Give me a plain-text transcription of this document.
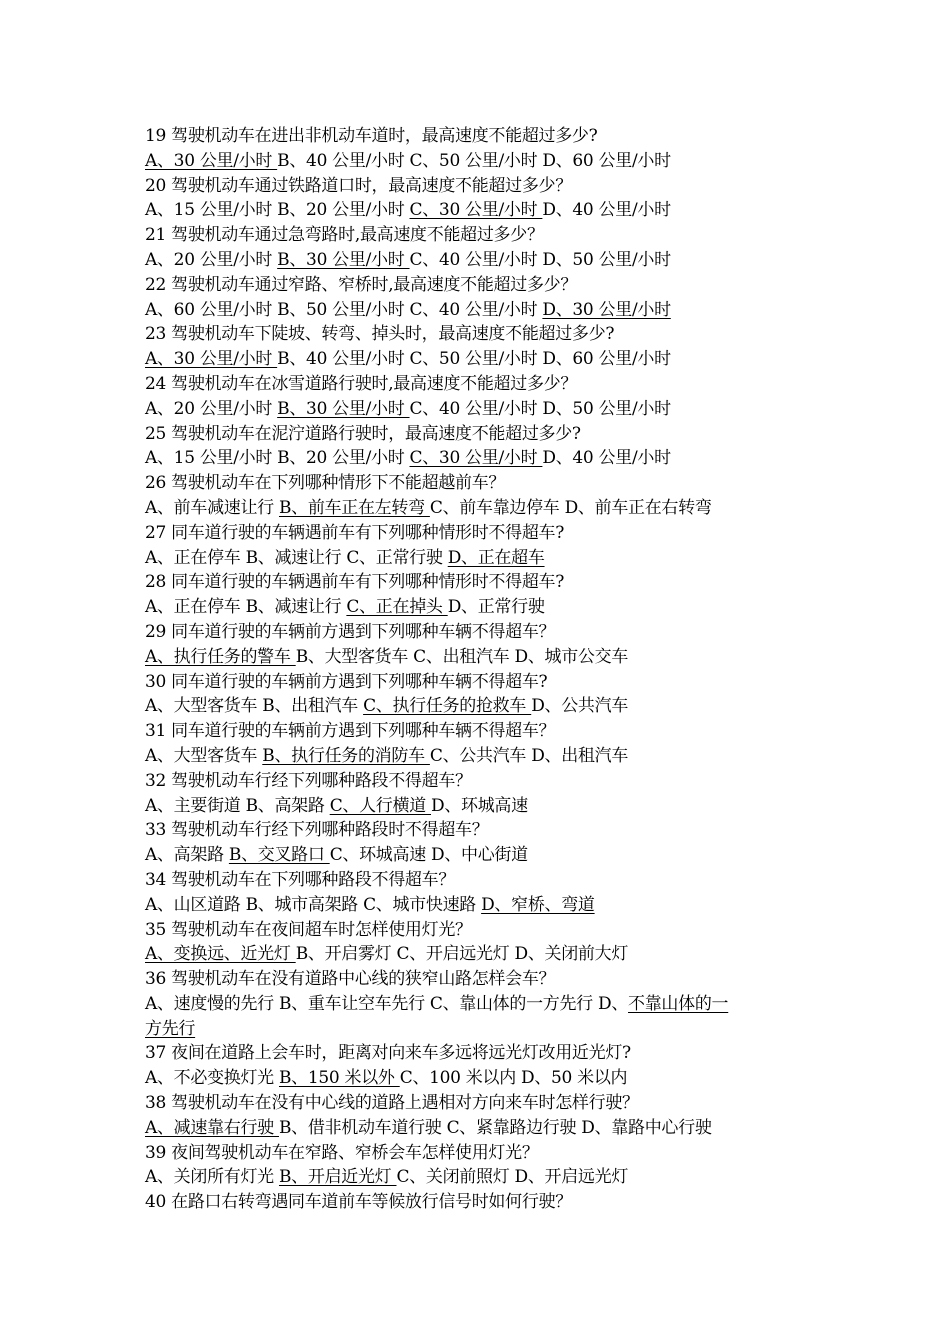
19 驾驶机动车在进出非机动车道时，最高速度不能超过多少?
A、30 公里/小时 B、40 公里/小时 C、50 公里/小时 D、60 公里/小时
20 驾驶机动车通过铁路道口时，最高速度不能超过多少？
A、15 公里/小时 B、20 公里/小时 C、30 公里/小时 D、40 公里/小时
21 驾驶机动车通过急弯路时,最高速度不能超过多少？
A、20 公里/小时 B、30 公里/小时 C、40 公里/小时 D、50 公里/小时
22 驾驶机动车通过窄路、窄桥时,最高速度不能超过多少？
A、60 公里/小时 B、50 公里/小时 C、40 公里/小时 D、30 公里/小时
23 驾驶机动车下陡坡、转弯、掉头时，最高速度不能超过多少?
A、30 公里/小时 B、40 公里/小时 C、50 公里/小时 D、60 公里/小时
24 驾驶机动车在冰雪道路行驶时,最高速度不能超过多少？
A、20 公里/小时 B、30 公里/小时 C、40 公里/小时 D、50 公里/小时
25 驾驶机动车在泥泞道路行驶时，最高速度不能超过多少?
A、15 公里/小时 B、20 公里/小时 C、30 公里/小时 D、40 公里/小时
26 驾驶机动车在下列哪种情形下不能超越前车？
A、前车减速让行 B、前车正在左转弯 C、前车靠边停车 D、前车正在右转弯
27 同车道行驶的车辆遇前车有下列哪种情形时不得超车?
A、正在停车 B、减速让行 C、正常行驶 D、正在超车
28 同车道行驶的车辆遇前车有下列哪种情形时不得超车?
A、正在停车 B、减速让行 C、正在掉头 D、正常行驶
29 同车道行驶的车辆前方遇到下列哪种车辆不得超车？
A、执行任务的警车 B、大型客货车 C、出租汽车 D、城市公交车
30 同车道行驶的车辆前方遇到下列哪种车辆不得超车?
A、大型客货车 B、出租汽车 C、执行任务的抢救车 D、公共汽车
31 同车道行驶的车辆前方遇到下列哪种车辆不得超车？
A、大型客货车 B、执行任务的消防车 C、公共汽车 D、出租汽车
32 驾驶机动车行经下列哪种路段不得超车？
A、主要街道 B、高架路 C、人行横道 D、环城高速
33 驾驶机动车行经下列哪种路段时不得超车？
A、高架路 B、交叉路口 C、环城高速 D、中心街道
34 驾驶机动车在下列哪种路段不得超车？
A、山区道路 B、城市高架路 C、城市快速路 D、窄桥、弯道
35 驾驶机动车在夜间超车时怎样使用灯光？
A、变换远、近光灯 B、开启雾灯 C、开启远光灯 D、关闭前大灯
36 驾驶机动车在没有道路中心线的狭窄山路怎样会车？
A、速度慢的先行 B、重车让空车先行 C、靠山体的一方先行 D、不靠山体的一
方先行
37 夜间在道路上会车时，距离对向来车多远将远光灯改用近光灯?
A、不必变换灯光 B、150 米以外 C、100 米以内 D、50 米以内
38 驾驶机动车在没有中心线的道路上遇相对方向来车时怎样行驶？
A、减速靠右行驶 B、借非机动车道行驶 C、紧靠路边行驶 D、靠路中心行驶
39 夜间驾驶机动车在窄路、窄桥会车怎样使用灯光？
A、关闭所有灯光 B、开启近光灯 C、关闭前照灯 D、开启远光灯
40 在路口右转弯遇同车道前车等候放行信号时如何行驶？
